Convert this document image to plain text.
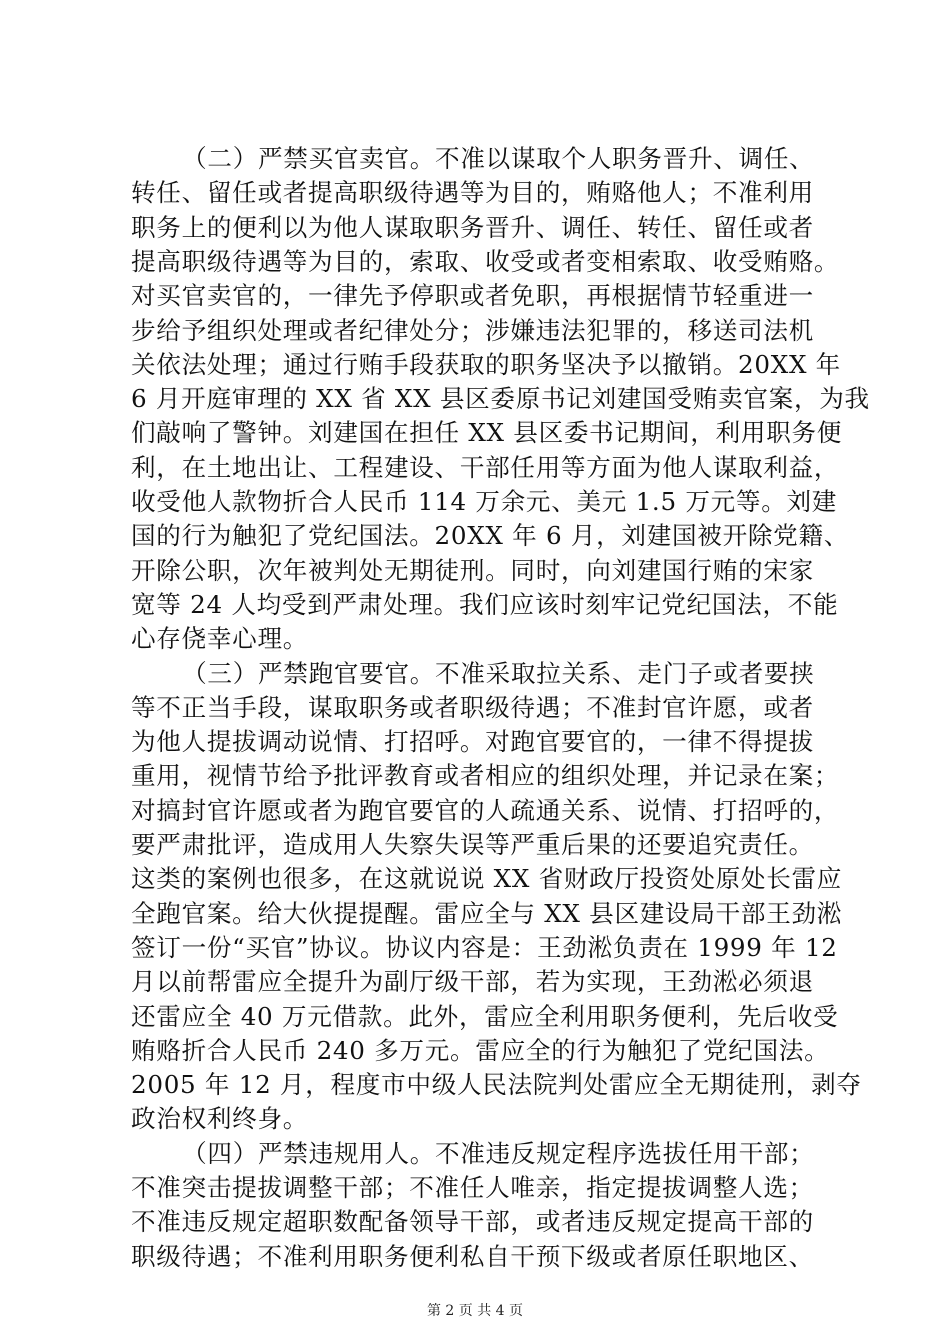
（二）严禁买官卖官。不准以谋取个人职务晋升、调任、
转任、留任或者提高职级待遇等为目的，贿赂他人；不准利用
职务上的便利以为他人谋取职务晋升、调任、转任、留任或者
提高职级待遇等为目的，索取、收受或者变相索取、收受贿赂。
对买官卖官的，一律先予停职或者免职，再根据情节轻重进一
步给予组织处理或者纪律处分；涉嫌违法犯罪的，移送司法机
关依法处理；通过行贿手段获取的职务坚决予以撤销。20XX 年
6 月开庭审理的 XX 省 XX 县区委原书记刘建国受贿卖官案，为我
们敲响了警钟。刘建国在担任 XX 县区委书记期间，利用职务便
利，在土地出让、工程建设、干部任用等方面为他人谋取利益，
收受他人款物折合人民币 114 万余元、美元 1.5 万元等。刘建
国的行为触犯了党纪国法。20XX 年 6 月，刘建国被开除党籍、
开除公职，次年被判处无期徒刑。同时，向刘建国行贿的宋家
宽等 24 人均受到严肃处理。我们应该时刻牢记党纪国法，不能
心存侥幸心理。
（三）严禁跑官要官。不准采取拉关系、走门子或者要挟
等不正当手段，谋取职务或者职级待遇；不准封官许愿，或者
为他人提拔调动说情、打招呼。对跑官要官的，一律不得提拔
重用，视情节给予批评教育或者相应的组织处理，并记录在案；
对搞封官许愿或者为跑官要官的人疏通关系、说情、打招呼的，
要严肃批评，造成用人失察失误等严重后果的还要追究责任。
这类的案例也很多，在这就说说 XX 省财政厅投资处原处长雷应
全跑官案。给大伙提提醒。雷应全与 XX 县区建设局干部王劲淞
签订一份“买官”协议。协议内容是：王劲淞负责在 1999 年 12
月以前帮雷应全提升为副厅级干部，若为实现，王劲淞必须退
还雷应全 40 万元借款。此外，雷应全利用职务便利，先后收受
贿赂折合人民币 240 多万元。雷应全的行为触犯了党纪国法。
2005 年 12 月，程度市中级人民法院判处雷应全无期徒刑，剥夺
政治权利终身。
（四）严禁违规用人。不准违反规定程序选拔任用干部；
不准突击提拔调整干部；不准任人唯亲，指定提拔调整人选；
不准违反规定超职数配备领导干部，或者违反规定提高干部的
职级待遇；不准利用职务便利私自干预下级或者原任职地区、
第 2 页 共 4 页
